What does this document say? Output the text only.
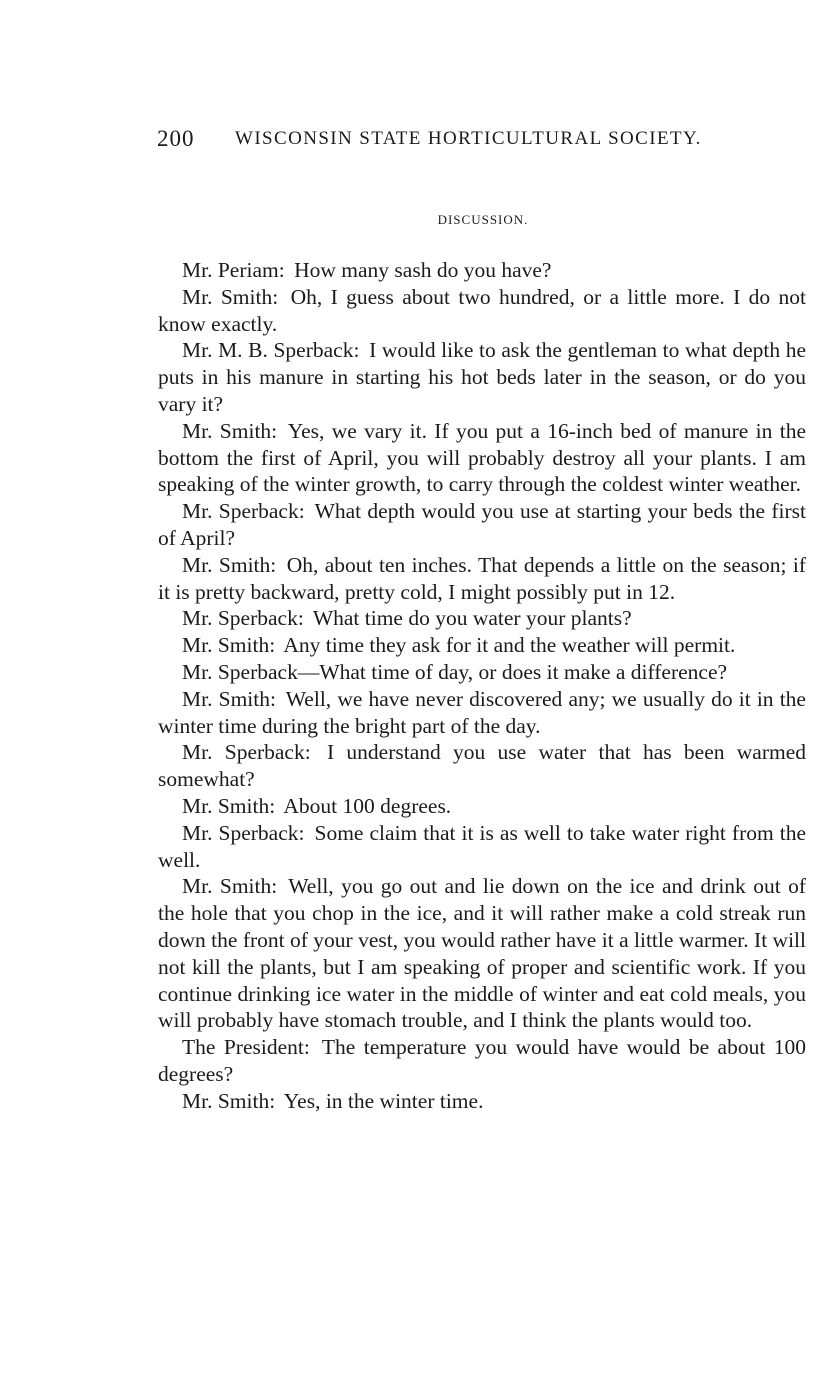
200 WISCONSIN STATE HORTICULTURAL SOCIETY.
DISCUSSION.

Mr. Periam: How many sash do you have?

Mr. Smith: Oh, I guess about two hundred, or a little more. I do not know exactly.

Mr. M. B. Sperback: I would like to ask the gentleman to what depth he puts in his manure in starting his hot beds later in the season, or do you vary it?

Mr. Smith: Yes, we vary it. If you put a 16-inch bed of manure in the bottom the first of April, you will probably destroy all your plants. I am speaking of the winter growth, to carry through the coldest winter weather.

Mr. Sperback: What depth would you use at starting your beds the first of April?

Mr. Smith: Oh, about ten inches. That depends a little on the season; if it is pretty backward, pretty cold, I might possibly put in 12.

Mr. Sperback: What time do you water your plants?

Mr. Smith: Any time they ask for it and the weather will permit.

Mr. Sperback—What time of day, or does it make a difference?

Mr. Smith: Well, we have never discovered any; we usually do it in the winter time during the bright part of the day.

Mr. Sperback: I understand you use water that has been warmed somewhat?

Mr. Smith: About 100 degrees.

Mr. Sperback: Some claim that it is as well to take water right from the well.

Mr. Smith: Well, you go out and lie down on the ice and drink out of the hole that you chop in the ice, and it will rather make a cold streak run down the front of your vest, you would rather have it a little warmer. It will not kill the plants, but I am speaking of proper and scientific work. If you continue drinking ice water in the middle of winter and eat cold meals, you will probably have stomach trouble, and I think the plants would too.

The President: The temperature you would have would be about 100 degrees?

Mr. Smith: Yes, in the winter time.
